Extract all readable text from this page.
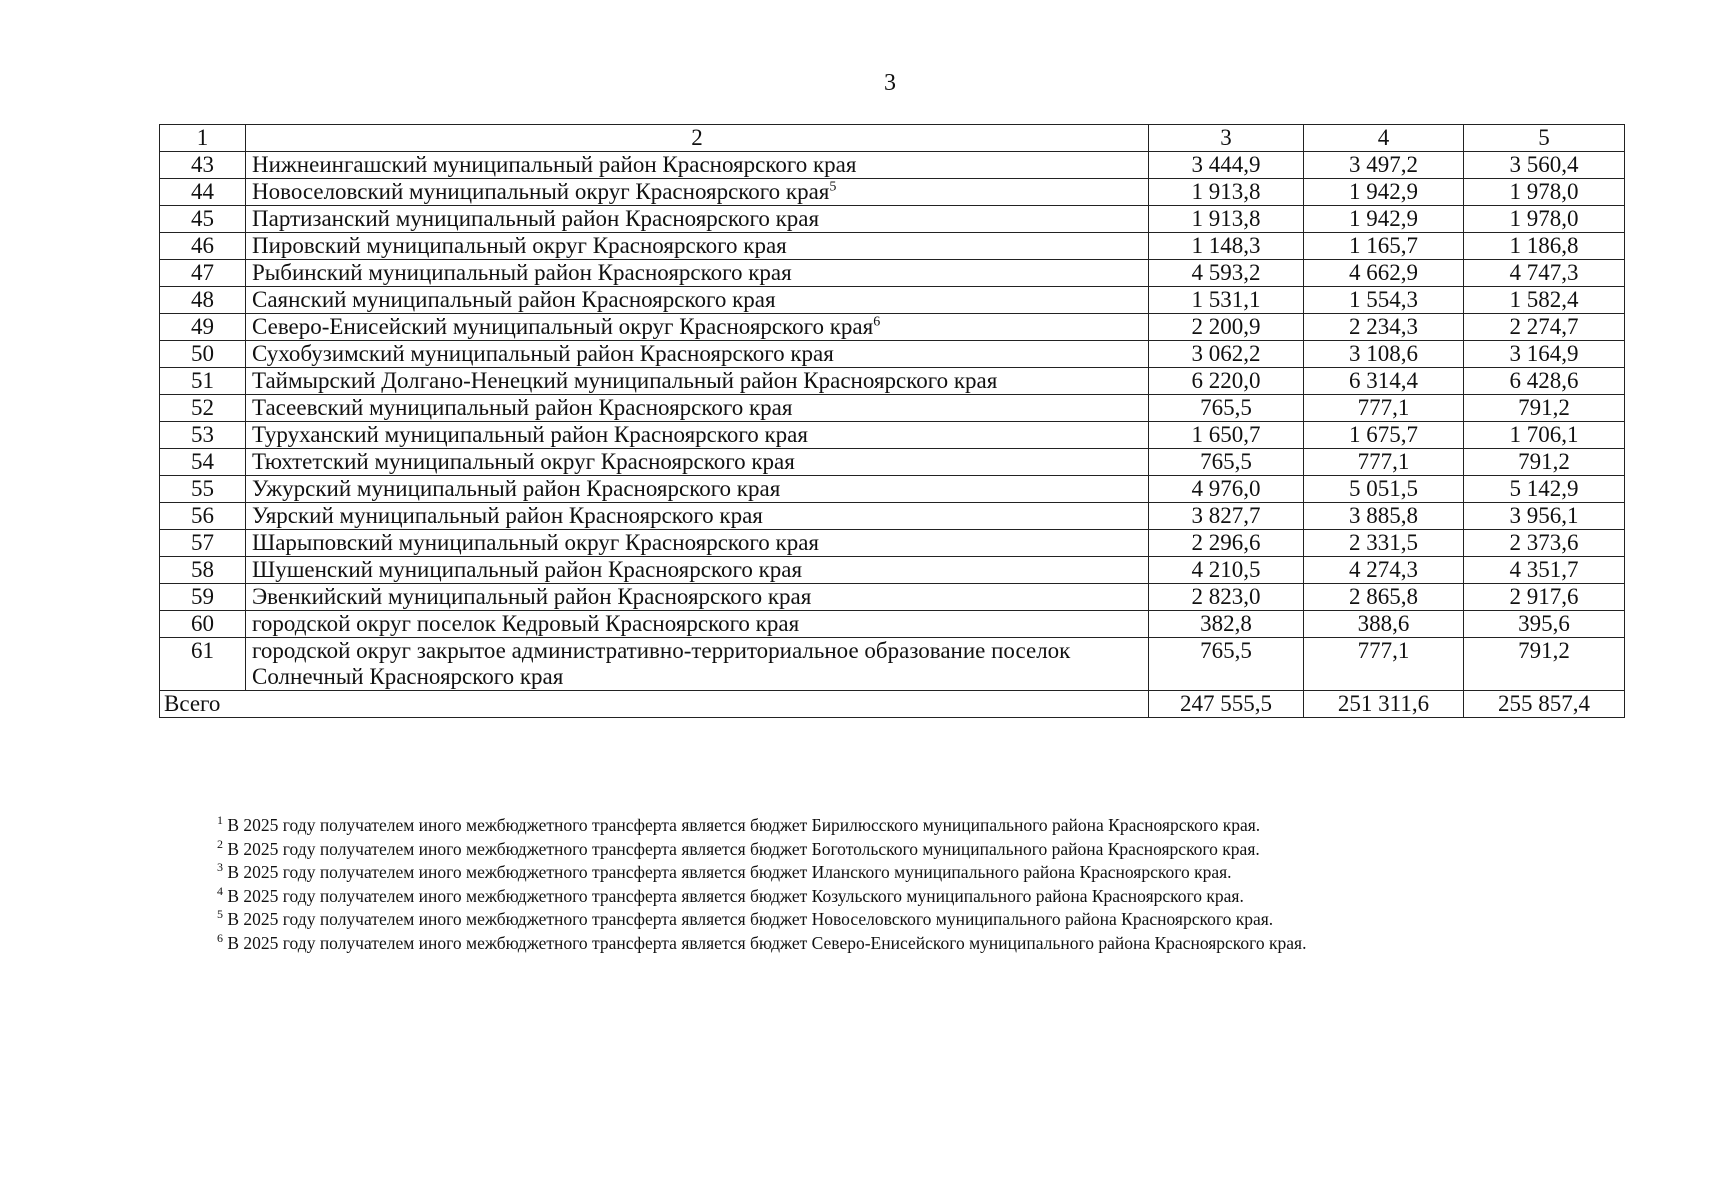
3
1	2	3	4	5
43	Нижнеингашский муниципальный район Красноярского края	3 444,9	3 497,2	3 560,4
44	Новоселовский муниципальный округ Красноярского края$^5$	1 913,8	1 942,9	1 978,0
45	Партизанский муниципальный район Красноярского края	1 913,8	1 942,9	1 978,0
46	Пировский муниципальный округ Красноярского края	1 148,3	1 165,7	1 186,8
47	Рыбинский муниципальный район Красноярского края	4 593,2	4 662,9	4 747,3
48	Саянский муниципальный район Красноярского края	1 531,1	1 554,3	1 582,4
49	Северо-Енисейский муниципальный округ Красноярского края$^6$	2 200,9	2 234,3	2 274,7
50	Сухобузимский муниципальный район Красноярского края	3 062,2	3 108,6	3 164,9
51	Таймырский Долгано-Ненецкий муниципальный район Красноярского края	6 220,0	6 314,4	6 428,6
52	Тасеевский муниципальный район Красноярского края	765,5	777,1	791,2
53	Туруханский муниципальный район Красноярского края	1 650,7	1 675,7	1 706,1
54	Тюхтетский муниципальный округ Красноярского края	765,5	777,1	791,2
55	Ужурский муниципальный район Красноярского края	4 976,0	5 051,5	5 142,9
56	Уярский муниципальный район Красноярского края	3 827,7	3 885,8	3 956,1
57	Шарыповский муниципальный округ Красноярского края	2 296,6	2 331,5	2 373,6
58	Шушенский муниципальный район Красноярского края	4 210,5	4 274,3	4 351,7
59	Эвенкийский муниципальный район Красноярского края	2 823,0	2 865,8	2 917,6
60	городской округ поселок Кедровый Красноярского края	382,8	388,6	395,6
61	городской округ закрытое административно-территориальное образование поселок Солнечный Красноярского края	765,5	777,1	791,2
Всего		247 555,5	251 311,6	255 857,4
$^1$ В 2025 году получателем иного межбюджетного трансферта является бюджет Бирилюсского муниципального района Красноярского края.
$^2$ В 2025 году получателем иного межбюджетного трансферта является бюджет Боготольского муниципального района Красноярского края.
$^3$ В 2025 году получателем иного межбюджетного трансферта является бюджет Иланского муниципального района Красноярского края.
$^4$ В 2025 году получателем иного межбюджетного трансферта является бюджет Козульского муниципального района Красноярского края.
$^5$ В 2025 году получателем иного межбюджетного трансферта является бюджет Новоселовского муниципального района Красноярского края.
$^6$ В 2025 году получателем иного межбюджетного трансферта является бюджет Северо-Енисейского муниципального района Красноярского края.
